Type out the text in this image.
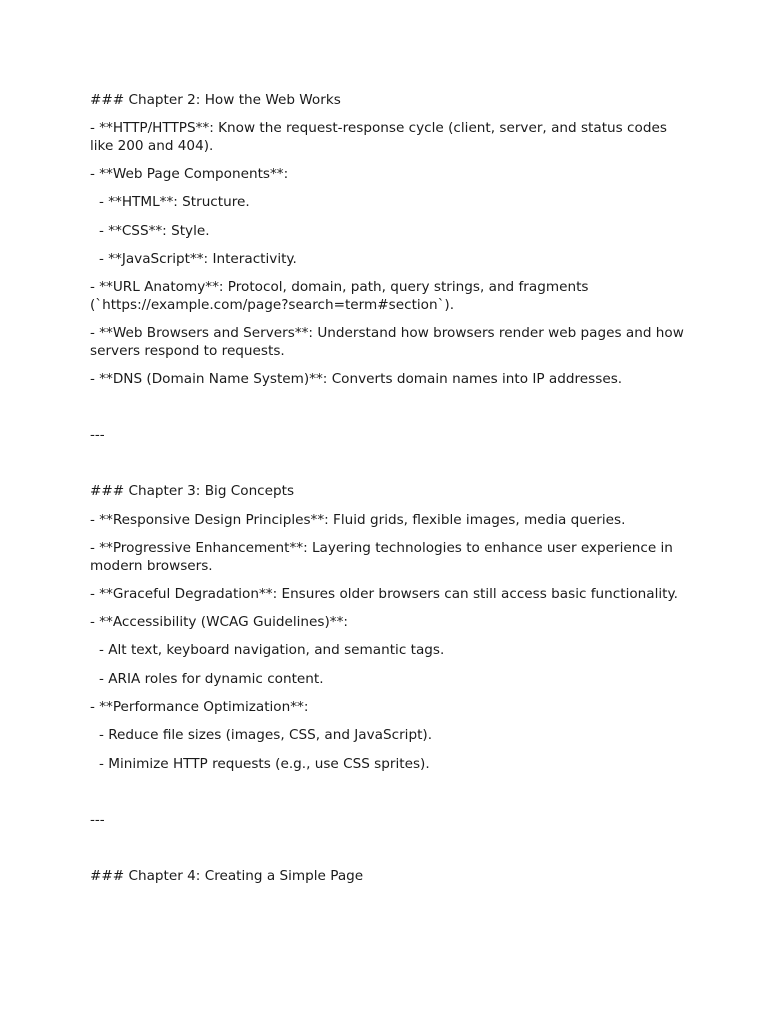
### Chapter 2: How the Web Works
- **HTTP/HTTPS**: Know the request-response cycle (client, server, and status codes like 200 and 404).
- **Web Page Components**:
- **HTML**: Structure.
- **CSS**: Style.
- **JavaScript**: Interactivity.
- **URL Anatomy**: Protocol, domain, path, query strings, and fragments (`https://example.com/page?search=term#section`).
- **Web Browsers and Servers**: Understand how browsers render web pages and how servers respond to requests.
- **DNS (Domain Name System)**: Converts domain names into IP addresses.
---
### Chapter 3: Big Concepts
- **Responsive Design Principles**: Fluid grids, flexible images, media queries.
- **Progressive Enhancement**: Layering technologies to enhance user experience in modern browsers.
- **Graceful Degradation**: Ensures older browsers can still access basic functionality.
- **Accessibility (WCAG Guidelines)**:
- Alt text, keyboard navigation, and semantic tags.
- ARIA roles for dynamic content.
- **Performance Optimization**:
- Reduce file sizes (images, CSS, and JavaScript).
- Minimize HTTP requests (e.g., use CSS sprites).
---
### Chapter 4: Creating a Simple Page
